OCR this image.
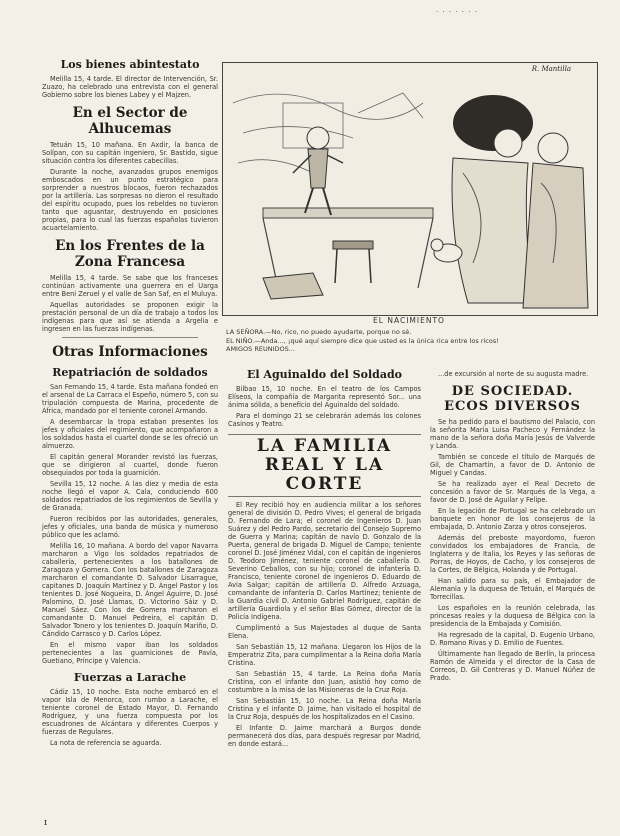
· · · · · · ·
Los bienes abintestato

Melilla 15, 4 tarde. El director de Intervención, Sr. Zuazo, ha celebrado una entrevista con el general Gobierno sobre los bienes Labey y el Majzen.

En el Sector de Alhucemas

Tetuán 15, 10 mañana. En Axdir, la banca de Solípan, con su capitán ingeniero, Sr. Bastido, sigue situación contra los diferentes cabecillas.

Durante la noche, avanzados grupos enemigos emboscados en un punto estratégico para sorprender a nuestros blocaos, fueron rechazados por la artillería. Las sorpresas no dieron el resultado del espíritu ocupado, pues los rebeldes no tuvieron tanto que aguantar, destruyendo en posiciones propias, para lo cual las fuerzas españolas tuvieron acuartelamiento.

En los Frentes de la Zona Francesa

Melilla 15, 4 tarde. Se sabe que los franceses continúan activamente una guerrera en el Uarga entre Beni Zeruel y el valle de San Saf, en el Muluya.

Aquellas autoridades se proponen exigir la prestación personal de un día de trabajo a todos los indígenas para que así se atienda a Argelia e ingresen en las fuerzas indígenas.

Otras Informaciones
Repatriación de soldados

San Fernando 15, 4 tarde. Esta mañana fondeó en el arsenal de La Carraca el Espeño, número 5, con su tripulación compuesta de Marina, procedente de África, mandado por el teniente coronel Armando.

A desembarcar la tropa estaban presentes los jefes y oficiales del regimiento, que acompañaron a los soldados hasta el cuartel donde se les ofreció un almuerzo.

El capitán general Morander revistó las fuerzas, que se dirigieron al cuartel, donde fueron obsequiados por toda la guarnición.

Sevilla 15, 12 noche. A las diez y media de esta noche llegó el vapor A. Cala, conduciendo 600 soldados repatriados de los regimientos de Sevilla y de Granada.

Fueron recibidos por las autoridades, generales, jefes y oficiales, una banda de música y numeroso público que les aclamó.

Melilla 16, 10 mañana. A bordo del vapor Navarra marcharon a Vigo los soldados repatriados de caballería, pertenecientes a los batallones de Zaragoza y Gomera. Con los batallones de Zaragoza marcharon el comandante D. Salvador Lisarrague, capitanes D. Joaquín Martínez y D. Ángel Pastor y los tenientes D. José Nogueira, D. Ángel Aguirre, D. José Palomino, D. José Llamas, D. Victorino Sáiz y D. Manuel Sáez. Con los de Gomera marcharon el comandante D. Manuel Pedreira, el capitán D. Salvador Tonero y los tenientes D. Joaquín Mariño, D. Cándido Carrasco y D. Carlos López.

En el mismo vapor iban los soldados pertenecientes a las guarniciones de Pavía, Guetiano, Príncipe y Valencia.

Fuerzas a Larache

Cádiz 15, 10 noche. Esta noche embarcó en el vapor Isla de Menorca, con rumbo a Larache, el teniente coronel de Estado Mayor, D. Fernando Rodríguez, y una fuerza compuesta por los escuadrones de Alcántara y diferentes Cuerpos y fuerzas de Regulares.

La nota de referencia se aguarda.

R. Mantilla
EL NACIMIENTO
LA SEÑORA.—No, rico, no puedo ayudarte, porque no sé.
EL NIÑO.—Anda..., ¡qué aquí siempre dice que usted es la única rica entre los ricos!
AMIGOS REUNIDOS...
El Aguinaldo del Soldado

Bilbao 15, 10 noche. En el teatro de los Campos Elíseos, la compañía de Margarita representó Sor... una ánima sólida, a beneficio del Aguinaldo del soldado.

Para el domingo 21 se celebrarán además los colones Casinos y Teatro.

LA FAMILIA REAL Y LA CORTE

El Rey recibió hoy en audiencia militar a los señores general de división D. Pedro Vives; el general de brigada D. Fernando de Lara; el coronel de Ingenieros D. Juan Suárez y del Pedro Pardo, secretario del Consejo Supremo de Guerra y Marina; capitán de navío D. Gonzalo de la Puerta, general de brigada D. Miguel de Campo; teniente coronel D. José Jiménez Vidal, con el capitán de ingenieros D. Teodoro Jiménez, teniente coronel de caballería D. Severino Ceballos, con su hijo; coronel de infantería D. Francisco, teniente coronel de ingenieros D. Eduardo de Avia Salgar; capitán de artillería D. Alfredo Arzuaga, comandante de infantería D. Carlos Martínez; teniente de la Guardia civil D. Antonio Gabriel Rodríguez, capitán de artillería Guardiola y el señor Blas Gómez, director de la Policía Indígena.

Cumplimentó a Sus Majestades al duque de Santa Elena.

San Sebastián 15, 12 mañana. Llegaron los Hijos de la Emperatriz Zita, para cumplimentar a la Reina doña María Cristina.

San Sebastián 15, 4 tarde. La Reina doña María Cristina, con el infante don Juan, asistió hoy como de costumbre a la misa de las Misioneras de la Cruz Roja.

San Sebastián 15, 10 noche. La Reina doña María Cristina y el infante D. Jaime, han visitado el hospital de la Cruz Roja, después de los hospitalizados en el Casino.

El Infante D. Jaime marchará a Burgos donde permanecerá dos días, para después regresar por Madrid, en donde estará...

...de excursión al norte de su augusta madre.

DE SOCIEDAD. ECOS DIVERSOS

Se ha pedido para el bautismo del Palacio, con la señorita María Luisa Pacheco y Fernández la mano de la señora doña María Jesús de Valverde y Landa.

También se concede el título de Marqués de Gil, de Chamartín, a favor de D. Antonio de Miguel y Candas.

Se ha realizado ayer el Real Decreto de concesión a favor de Sr. Marqués de la Vega, a favor de D. José de Aguilar y Felipe.

En la legación de Portugal se ha celebrado un banquete en honor de los consejeros de la embajada, D. Antonio Zarza y otros consejeros.

Además del preboste mayordomo, fueron convidados los embajadores de Francia, de Inglaterra y de Italia, los Reyes y las señoras de Porras, de Hoyos, de Cacho, y los consejeros de la Cortes, de Bélgica, Holanda y de Portugal.

Han salido para su país, el Embajador de Alemania y la duquesa de Tetuán, el Marqués de Torrecillas.

Los españoles en la reunión celebrada, las princesas reales y la duquesa de Bélgica con la presidencia de la Embajada y Comisión.

Ha regresado de la capital, D. Eugenio Urbano, D. Romano Rivas y D. Emilio de Fuentes.

Últimamente han llegado de Berlín, la princesa Ramón de Almeida y el director de la Casa de Correos, D. Gil Contreras y D. Manuel Núñez de Prado.

ɪ
